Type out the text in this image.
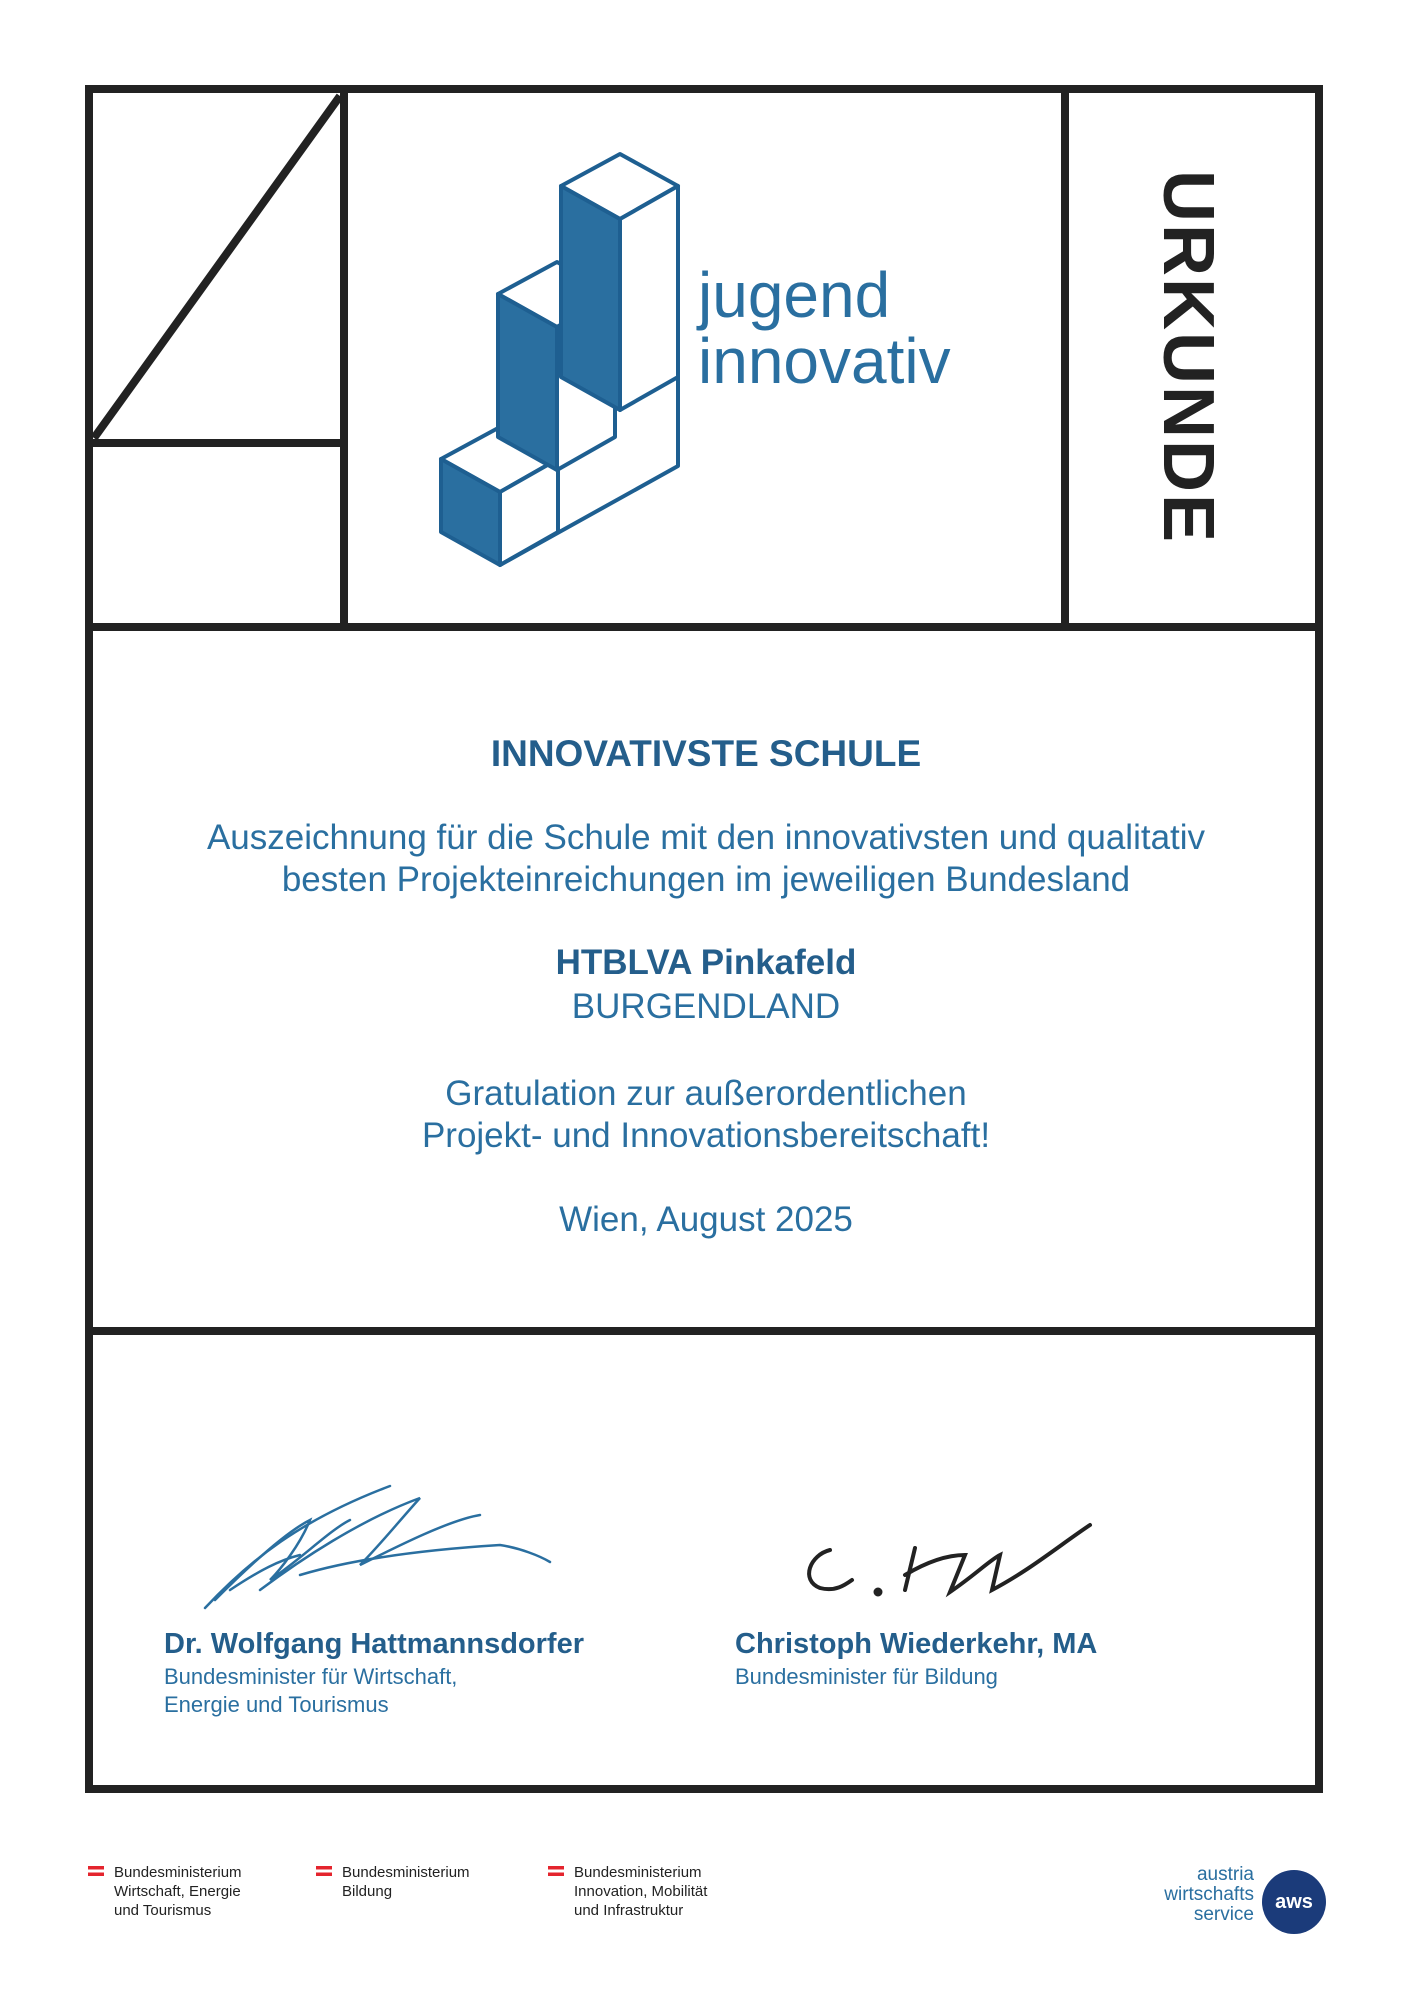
jugend
innovativ	URKUNDE
INNOVATIVSTE SCHULE
Auszeichnung für die Schule mit den innovativsten und qualitativ
besten Projekteinreichungen im jeweiligen Bundesland
HTBLVA Pinkafeld
BURGENDLAND
Gratulation zur außerordentlichen
Projekt- und Innovationsbereitschaft!
Wien, August 2025
Dr. Wolfgang Hattmannsdorfer
Bundesminister für Wirtschaft,
Energie und Tourismus
Christoph Wiederkehr, MA
Bundesminister für Bildung
Bundesministerium
Wirtschaft, Energie
und Tourismus
Bundesministerium
Bildung
Bundesministerium
Innovation, Mobilität
und Infrastruktur
austria
wirtschafts
service
aws
